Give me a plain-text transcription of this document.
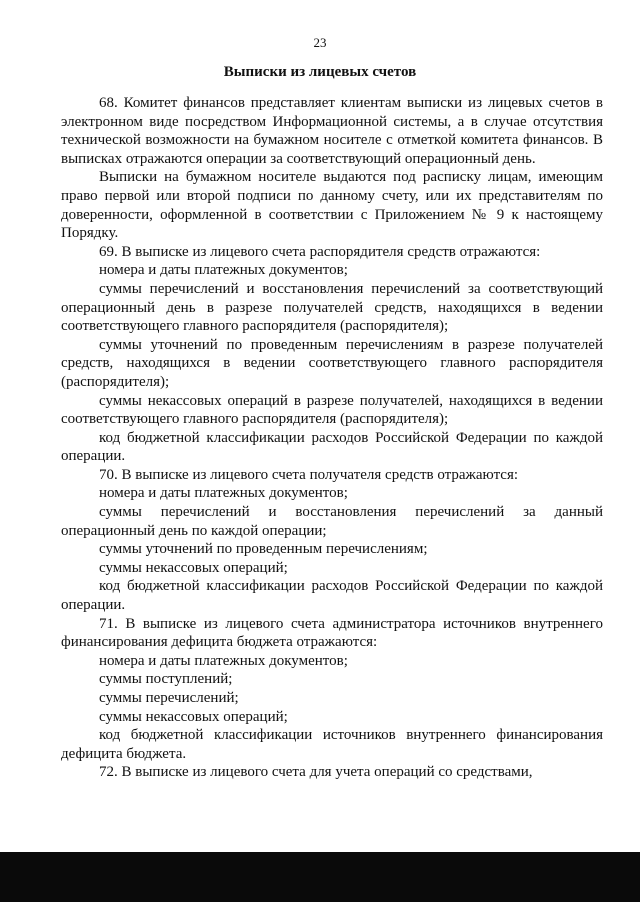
23
Выписки из лицевых счетов

68. Комитет финансов представляет клиентам выписки из лицевых счетов в электронном виде посредством Информационной системы, а в случае отсутствия технической возможности на бумажном носителе с отметкой комитета финансов. В выписках отражаются операции за соответствующий операционный день.

Выписки на бумажном носителе выдаются под расписку лицам, имеющим право первой или второй подписи по данному счету, или их представителям по доверенности, оформленной в соответствии с Приложением № 9 к настоящему Порядку.

69. В выписке из лицевого счета распорядителя средств отражаются:

номера и даты платежных документов;

суммы перечислений и восстановления перечислений за соответствующий операционный день в разрезе получателей средств, находящихся в ведении соответствующего главного распорядителя (распорядителя);

суммы уточнений по проведенным перечислениям в разрезе получателей средств, находящихся в ведении соответствующего главного распорядителя (распорядителя);

суммы некассовых операций в разрезе получателей, находящихся в ведении соответствующего главного распорядителя (распорядителя);

код бюджетной классификации расходов Российской Федерации по каждой операции.

70. В выписке из лицевого счета получателя средств отражаются:

номера и даты платежных документов;

суммы перечислений и восстановления перечислений за данный операционный день по каждой операции;

суммы уточнений по проведенным перечислениям;

суммы некассовых операций;

код бюджетной классификации расходов Российской Федерации по каждой операции.

71. В выписке из лицевого счета администратора источников внутреннего финансирования дефицита бюджета отражаются:

номера и даты платежных документов;

суммы поступлений;

суммы перечислений;

суммы некассовых операций;

код бюджетной классификации источников внутреннего финансирования дефицита бюджета.

72. В выписке из лицевого счета для учета операций со средствами,
